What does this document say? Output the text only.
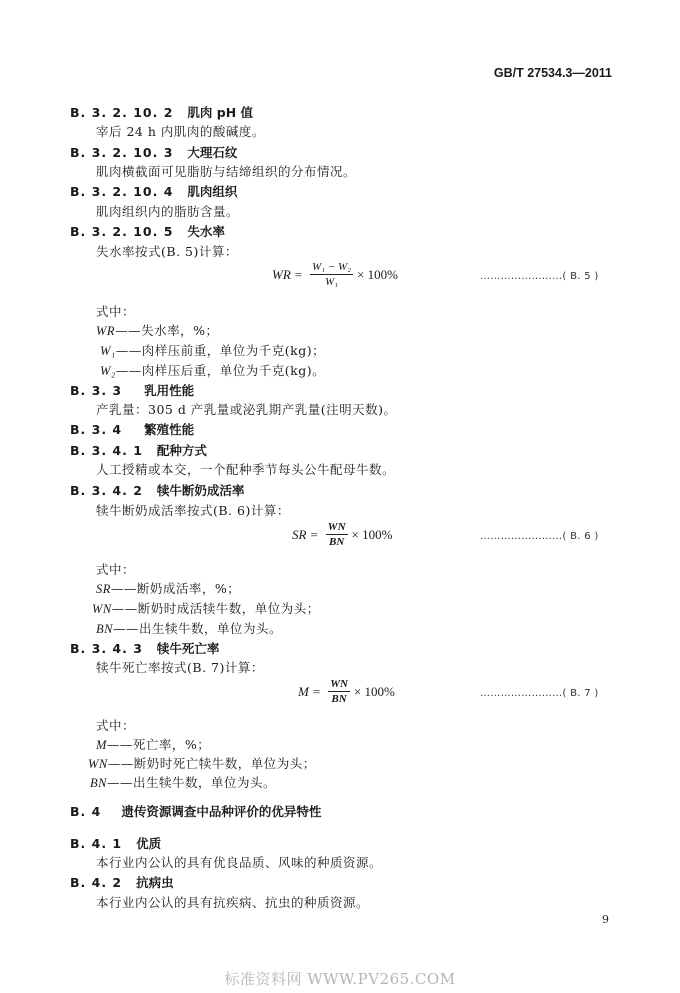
GB/T 27534.3—2011
B. 3. 2. 10. 2 肌肉 pH 值
宰后 24 h 内肌肉的酸碱度。
B. 3. 2. 10. 3 大理石纹
肌肉横截面可见脂肪与结缔组织的分布情况。
B. 3. 2. 10. 4 肌肉组织
肌肉组织内的脂肪含量。
B. 3. 2. 10. 5 失水率
失水率按式(B. 5)计算：
WR = $\frac{\text{W₁ − W₂}}{\text{W₁}} \times 100\%$	……………………( B. 5 )
式中：
WR——失水率，%；
W₁——肉样压前重，单位为千克(kg)；
W₂——肉样压后重，单位为千克(kg)。
B. 3. 3 乳用性能
产乳量：305 d 产乳量或泌乳期产乳量(注明天数)。
B. 3. 4 繁殖性能
B. 3. 4. 1 配种方式
人工授精或本交，一个配种季节每头公牛配母牛数。
B. 3. 4. 2 犊牛断奶成活率
犊牛断奶成活率按式(B. 6)计算：
SR = $\frac{WN}{BN} \times 100\%$	……………………( B. 6 )
式中：
SR——断奶成活率，%；
WN——断奶时成活犊牛数，单位为头；
BN——出生犊牛数，单位为头。
B. 3. 4. 3 犊牛死亡率
犊牛死亡率按式(B. 7)计算：
$M = \frac{WN}{BN} \times 100\%$	……………………( B. 7 )
式中：
M——死亡率，%；
WN——断奶时死亡犊牛数，单位为头；
BN——出生犊牛数，单位为头。
B. 4 遗传资源调查中品种评价的优异特性
B. 4. 1 优质
本行业内公认的具有优良品质、风味的种质资源。
B. 4. 2 抗病虫
本行业内公认的具有抗疾病、抗虫的种质资源。
9
标准资料网 WWW.PV265.COM
